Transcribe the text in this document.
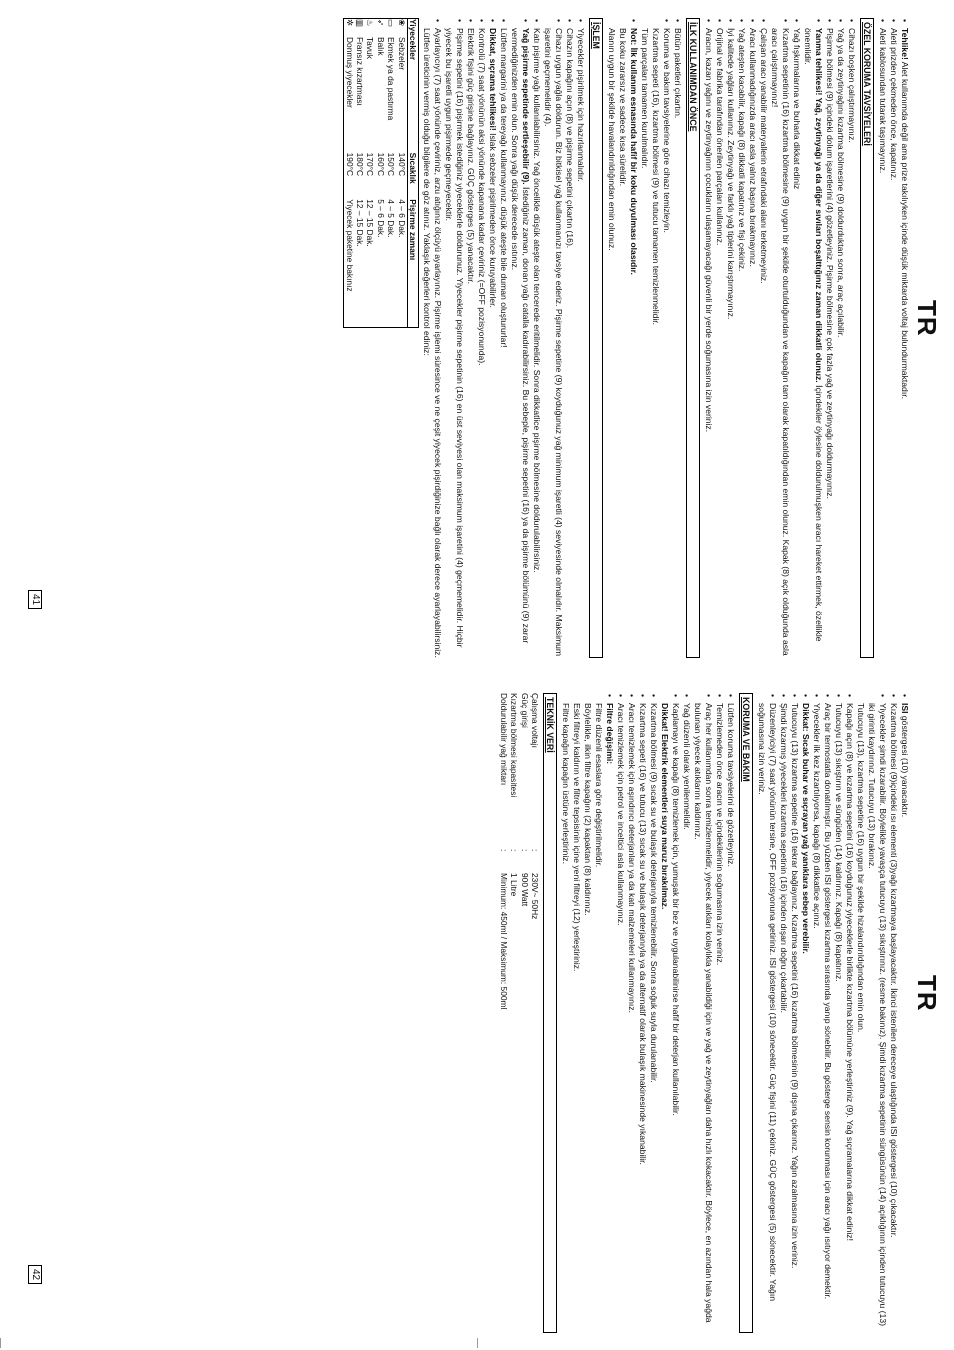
TR
41
• Tehlike! Alet kullanımda değil ama prize takılıyken içinde düşük miktarda voltaj bulundurmaktadır.
• Aleti prizden çekmeden önce, kapatınız.
• Aleti kablosundan tutarak taşımayınız.
ÖZEL KORUMA TAVSİYELERİ
• Cihazı boşken çalıştırmayınız.
• Yağ ya da zeytinyağını kızartma bölmesine (9) doldurduktan sonra, araç açılabilir.
• Pişirme bölmesi (9) içindeki dolum işaretlerini (4) gözetleyiniz. Pişirme bölmesine çok fazla yağ ve zeytinyağı doldurmayınız.
• Yanma tehlikesi! Yağ, zeytinyağı ya da diğer sıvıları boşalttığınız zaman dikkatli olunuz. İçindekiler öylesine doldurulmuşken aracı hareket ettirmek, özellikle önemlidir.
• Yağ fışkırmalarına ve buharla dikkat ediniz
• Kızartma sepetinin (16) kızartma bölmesine (9) uygun bir şekilde oturtulduğundan ve kapağın tam olarak kapatıldığından emin olunuz. Kapak (8) açık olduğunda asla aracı çalıştırmayınız!
• Çalışan aracı yanabilir materyallerin etrafındaki alanı terketmeyiniz.
• Aracı kullanmadığınızda aracı asla yalnız başına bırakmayınız.
• Yağ ateşten kacabilir, kapağı (8) dikkatli kapatınız ve fişi çekiniz.
• İyi kalitede yağları kullanınız. Zeytinyağı ve farklı yağ tiplerini karıştırmayınız.
• Orijinal ve fabrika tarafından önerilen parçaları kullanınız.
• Aracın, kazan yağını ve zeytinyağının çocukların ulaşamayacağı güvenli bir yerde soğumasına izin veriniz.
İLK KULLANIMDAN ÖNCE
• Bütün paketleri çıkartın.
• Koruma ve bakım tavsiyelerine göre cihazı temizleyin.
Kızartma sepeti (16), kızartma bölmesi (9) ve tutucu tamamen temizlenmelidir.
Tüm parçaları tamamen kurulmalıdır.
• Not: İlk kullanım esnasında hafif bir koku duyulması olasıdır.
Bu koku zararsız ve sadece kısa sürelidir.
Alanın uygun bir şekilde havalandırıldığından emin olunuz.
İŞLEM
• Yiyecekler pişirilmek için hazırlanmalıdır.
• Cihazın kapağını açın (8) ve pişirme sepetini çıkartın (16).
• Cihazı uygun yağla doldurun. Biz bitkisel yağ kullanmanızı tavsiye ederiz. Pişirme sepetine (9) koyduğunuz yağ minimum işaretli (4) seviyesinde olmalıdır. Maksimum işaretini geçmemelidir (4).
• Katı pişirme yağı kullanılabilirsiniz. Yağ öncelikle düşük ateşte olan tencerede eritilmelidir. Sonra dikkatlice pişirme bölmesine doldurulabilirsiniz.
• Yağ pişirme sepetinde sertleşebilir (9). İstediğiniz zaman, donan yağı catalla kadırabilirsiniz. Bu sebeple, pişirme sepetini (16) ya da pişirme bölümünü (9) zarar vermediğinizden emin olun. Sonra yağı düşük derecede ısıtınız.
• Lütfen margarini ya da tereyağı kullanmayınız. düşük ateşte bile duman oluştururlar!
• Dikkat, sıçrama tehlikesi! Islak sebzeler pişirilmeden önce kuruyabilirler.
• Kontrolü (7) saat yönünün aksi yönünde kapanana kadar çeviriniz (=OFF pozisyonunda).
• Elektrik fişini güç girişine bağlayınız. GÜÇ gösterges (5) yanacaktır.
• Pişirme sepetini (16) pişirmek istediğiniz yiyeceklerle doldurunuz. Yiyecekler pişirme sepetinin (16) en üst seviyesi olan maksimum işaretini (4) geçmemelidir. Hiçbir yiyecek bu işaretli uygun pişirmede geçmeyecektir.
• Ayarlayıcıyı (7) saat yönünde çeviriniz, arzu atığınız ölçüyü ayarlayınız. Pişirme işlemi süresince ve ne çeşit yiyecek pişirdiğinize bağlı olarak derece ayarlayabilirsiniz. Lütfen üreticinin vermiş olduğu bilgilere de göz atınız. Yaklaşık değerleri kontrol ediniz:
Yiyecekler		Sıcaklık	Pişirme zamanı
❀	Sebzeler	140°C	4 – 6 Dak.
▭	Ekmek ya da pastırma	150°C	4 – 5 Dak.
➶	Balık	160°C	5 – 6 Dak.
♨	Tavuk	170°C	12 – 15 Dak.
▥	Fransız kızartması	180°C	12 – 15 Dak.
✲	Donmuş yiyecekler	190°C	Yiyecek paketine bakınız
TR
42
• ISI göstergesi (10) yanacaktır.
• Kızartma bölmesi (9)içindeki ısı elementi (3)yağı kızartmaya başlayacaktır. İkinci istenilen dereceye ulaştığında ISI göstergesi (10) çıkacaktır.
• Yiyecekler şimdi kızarabilir. Böylelikle yavaşça tutucuyu (13) sıkıştırınız. (resme bakınız). Şimdi kızartma sepetinin süngüsünün (14) açıklığının içinden tutucuyu (13) iki girinti kaydırınız. Tutucuyu (13) bırakınız.
Tutucuyu (13), kızartma sepetine (16) uygun bir şekilde hizalandırıldığından emin olun.
• Kapağı açın (8) ve kızartma sepetini (16) koyduğunuz yiyeceklerle birlikte kızartma bölümüne yerleştiriniz (9). Yağ sıçramalarına dikkat ediniz!
• Tutucuyu (13) sıkıştırın ve süngüden (14) kaldırınız. Kapağı (8) kapatınız.
• Araç bir termostatla donatılmıştır. Bu yüzden ISI göstergesi kızartma sırasında yanıp sönebilir. Bu gösterge sensin korunması için aracı yağı ısıtıyor demektir.
• Yiyecekler ilk kez kızartılıyorsa, kapağı (8) dikkatlice açınız.
• Dikkat: Sıcak buhar ve sıçrayan yağ yanıklara sebep verebilir.
• Tutucuyu (13) kızartma sepetine (16) tekrar bağlayınız. Kızartma sepetini (16) kızartma bölmesinin (9) dışına çıkarınız. Yağın azalmasına izin veriniz.
• Şimdi kızarmış yiyecekleri kızartma sepetinin (16) içinden dışarı doğru çıkartabilir.
• Düzenleyiciyi (7) saat yönünün tersine, OFF pozisyonuna getiriniz. ISI göstergesi (10) sönecektir. Güç fişini (11) çekiniz. GÜÇ göstergesi (5) sönecektir. Yağın soğumasına izin veriniz.
KORUMA VE BAKIM
• Lütfen koruma tavsiyelerini de gözetleyiniz.
• Temizlemeden önce aracın ve içindekilerinin soğumasına izin veriniz.
• Araç her kullanımdan sonra temizlenmelidir, yiyecek atıkları kolaylıkla yanabildiği için ve yağ ve zeytinyağları daha hızlı kokacaktır. Böylece, en azından hala yağda bulunan yiyecek atıklarını kaldırınız.
• Yağ düzenli olarak yenilenmelidir.
• Kaplamayı ve kapağı (8) temizlemek için, yumuşak bir bez ve uygulanabilinirse hafif bir deterjan kullanılabilir.
Dikkat! Elektrik elementleri suya maruz bırakılmaz.
• Kızartma bölmesi (9) sıcak su ve bulaşık deterjanıyla temizlenebilir. Sonra soğuk suyla durulanabilir.
• Kızartma sepeti (16) ve tutucu (13) sıcak su ve bulaşık deterjanıyla ya da alternatif olarak bulaşık makinesinde yıkanabilir.
• Aracı temizlemek için aşındırıcı deterjanları ya da katı malzemeleri kullanmayınız.
• Aracı temizlemek için petrol ve inceltici asla kullanmayınız.
• Filtre değişimi:
Filtre düzenli esaslara göre değiştirilmelidir.
Böylelikle, ilkin filtre kapağını (2) kapaktan (8) kaldırınız.
Eski filtreyi kaldırın ve filtre tepsisinin içine yeni filtreyi (12) yerleştiriniz.
Filtre kapağın kapağın üstüne yerleştiriniz.
TEKNİK VERİ
Çalışma voltajı	:	230V~ 50Hz
Güç girişi	:	900 Watt
Kızartma bölmesi kapasitesi	:	1 Litre
Doldurulabilir yağ miktarı	:	Minimum: 450ml / Maksimum: 500ml
